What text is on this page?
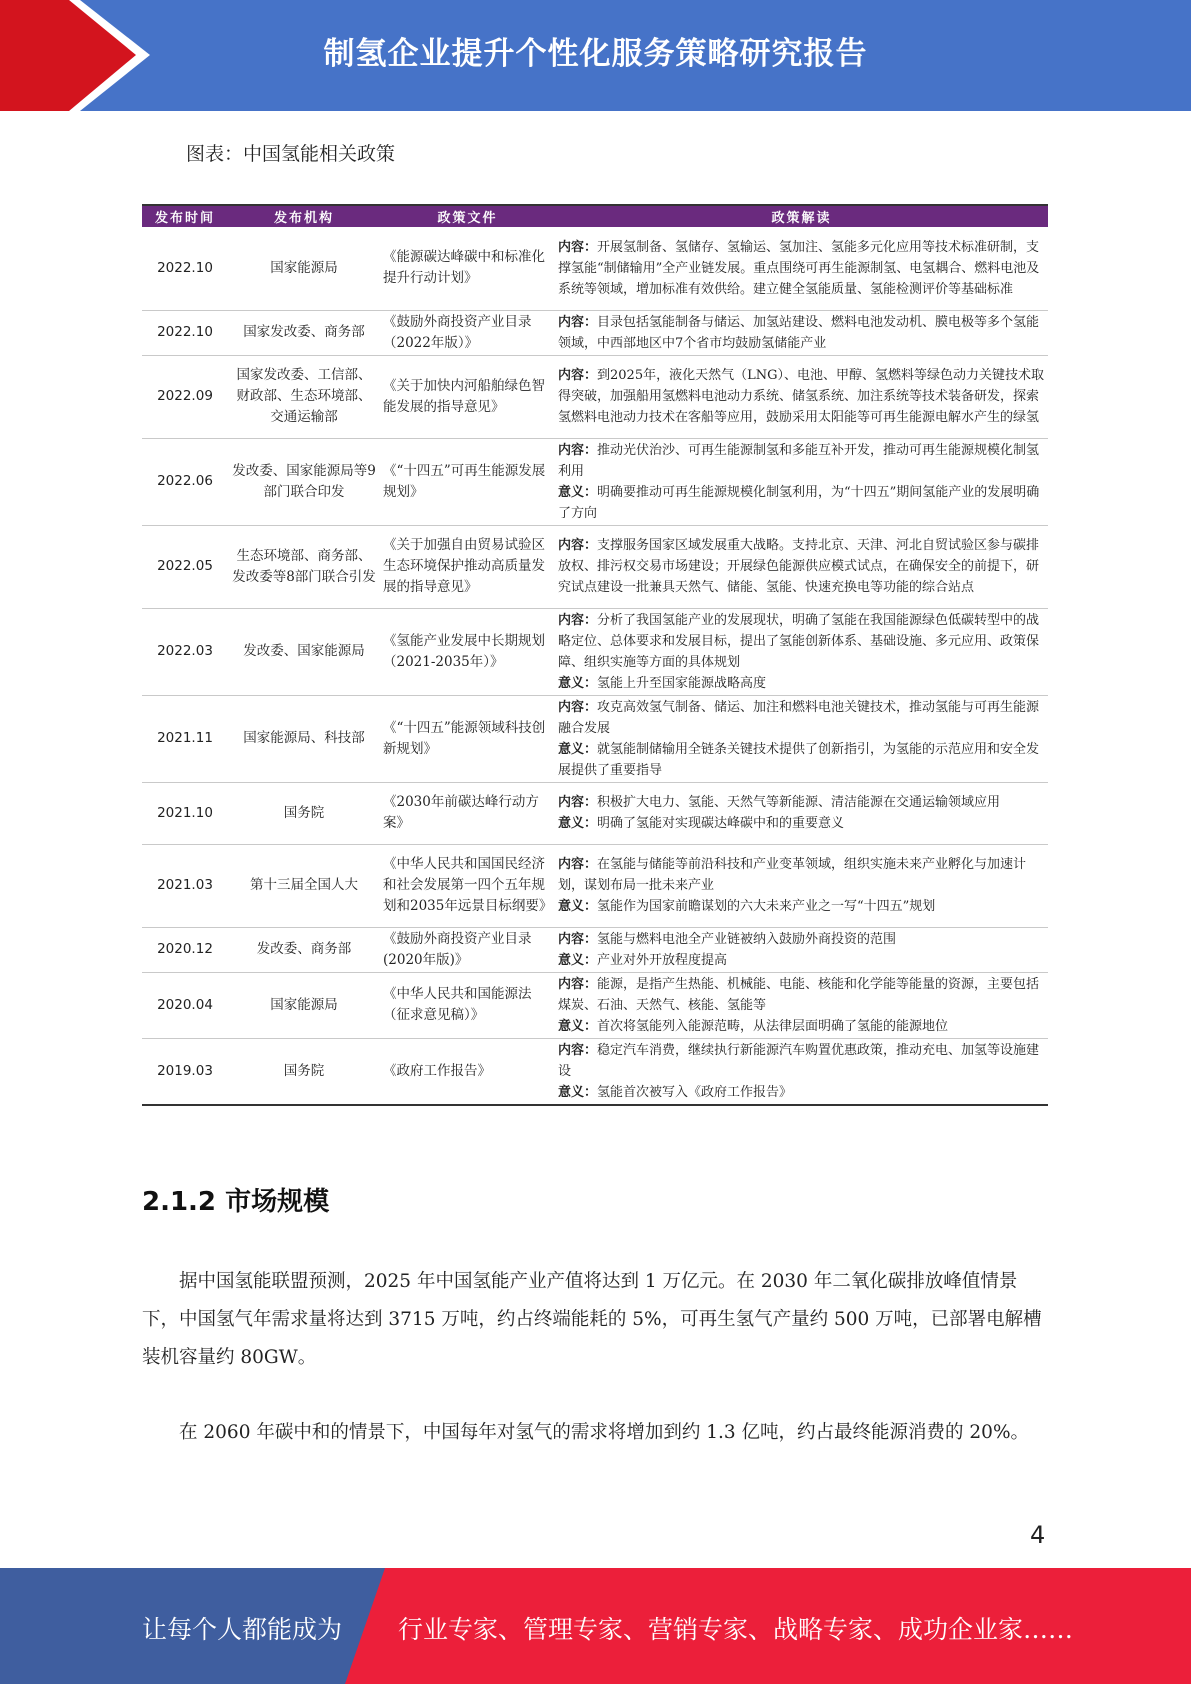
制氢企业提升个性化服务策略研究报告
图表：中国氢能相关政策
发布时间	发布机构	政策文件	政策解读
2022.10	国家能源局	《能源碳达峰碳中和标准化提升行动计划》	内容：开展氢制备、氢储存、氢输运、氢加注、氢能多元化应用等技术标准研制，支撑氢能“制储输用”全产业链发展。重点围绕可再生能源制氢、电氢耦合、燃料电池及系统等领域，增加标准有效供给。建立健全氢能质量、氢能检测评价等基础标准

2022.10	国家发改委、商务部	《鼓励外商投资产业目录（2022年版）》	内容：目录包括氢能制备与储运、加氢站建设、燃料电池发动机、膜电极等多个氢能领域，中西部地区中7个省市均鼓励氢储能产业

2022.09	国家发改委、工信部、财政部、生态环境部、交通运输部	《关于加快内河船舶绿色智能发展的指导意见》	内容：到2025年，液化天然气（LNG）、电池、甲醇、氢燃料等绿色动力关键技术取得突破，加强船用氢燃料电池动力系统、储氢系统、加注系统等技术装备研发，探索氢燃料电池动力技术在客船等应用，鼓励采用太阳能等可再生能源电解水产生的绿氢

2022.06	发改委、国家能源局等9部门联合印发	《“十四五”可再生能源发展规划》	内容：推动光伏治沙、可再生能源制氢和多能互补开发，推动可再生能源规模化制氢利用
意义：明确要推动可再生能源规模化制氢利用，为“十四五”期间氢能产业的发展明确了方向

2022.05	生态环境部、商务部、发改委等8部门联合引发	《关于加强自由贸易试验区生态环境保护推动高质量发展的指导意见》	内容：支撑服务国家区域发展重大战略。支持北京、天津、河北自贸试验区参与碳排放权、排污权交易市场建设；开展绿色能源供应模式试点，在确保安全的前提下，研究试点建设一批兼具天然气、储能、氢能、快速充换电等功能的综合站点

2022.03	发改委、国家能源局	《氢能产业发展中长期规划 （2021-2035年）》	内容：分析了我国氢能产业的发展现状，明确了氢能在我国能源绿色低碳转型中的战略定位、总体要求和发展目标，提出了氢能创新体系、基础设施、多元应用、政策保障、组织实施等方面的具体规划
意义：氢能上升至国家能源战略高度

2021.11	国家能源局、科技部	《“十四五”能源领域科技创新规划》	内容：攻克高效氢气制备、储运、加注和燃料电池关键技术，推动氢能与可再生能源融合发展
意义：就氢能制储输用全链条关键技术提供了创新指引，为氢能的示范应用和安全发展提供了重要指导

2021.10	国务院	《2030年前碳达峰行动方案》	内容：积极扩大电力、氢能、天然气等新能源、清洁能源在交通运输领域应用
意义：明确了氢能对实现碳达峰碳中和的重要意义

2021.03	第十三届全国人大	《中华人民共和国国民经济和社会发展第一四个五年规划和2035年远景目标纲要》	内容：在氢能与储能等前沿科技和产业变革领域，组织实施未来产业孵化与加速计划，谋划布局一批未来产业
意义：氢能作为国家前瞻谋划的六大未来产业之一写“十四五”规划

2020.12	发改委、商务部	《鼓励外商投资产业目录(2020年版)》	内容：氢能与燃料电池全产业链被纳入鼓励外商投资的范围
意义：产业对外开放程度提高

2020.04	国家能源局	《中华人民共和国能源法（征求意见稿）》	内容：能源，是指产生热能、机械能、电能、核能和化学能等能量的资源，主要包括煤炭、石油、天然气、核能、氢能等
意义：首次将氢能列入能源范畴，从法律层面明确了氢能的能源地位

2019.03	国务院	《政府工作报告》	内容：稳定汽车消费，继续执行新能源汽车购置优惠政策，推动充电、加氢等设施建设
意义：氢能首次被写入《政府工作报告》
2.1.2 市场规模

据中国氢能联盟预测，2025 年中国氢能产业产值将达到 1 万亿元。在 2030 年二氧化碳排放峰值情景下，中国氢气年需求量将达到 3715 万吨，约占终端能耗的 5%，可再生氢气产量约 500 万吨，已部署电解槽装机容量约 80GW。

在 2060 年碳中和的情景下，中国每年对氢气的需求将增加到约 1.3 亿吨，约占最终能源消费的 20%。

4
让每个人都能成为 行业专家、管理专家、营销专家、战略专家、成功企业家……
